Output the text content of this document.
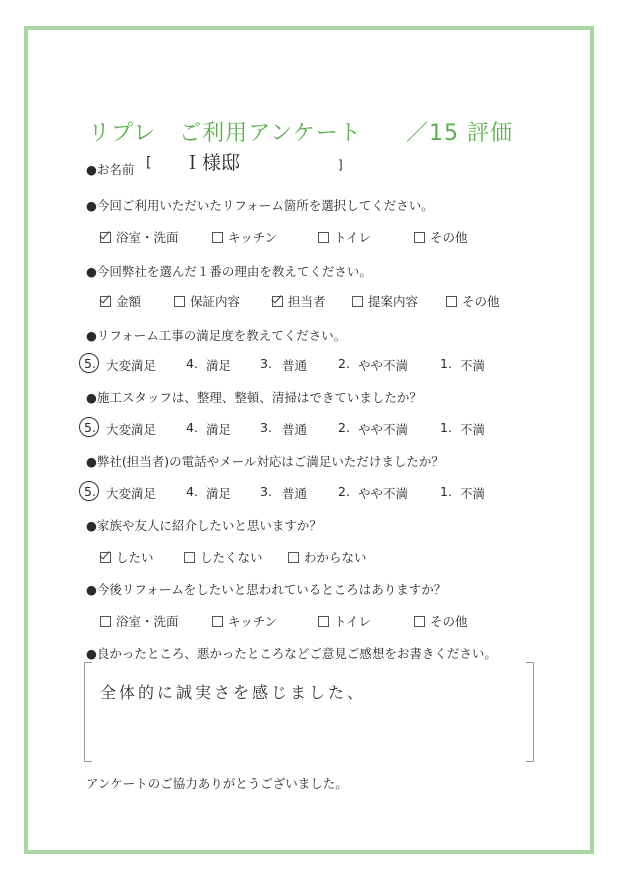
リプレ　ご利用アンケート ／15 評価
●お名前 [ Ｉ様邸	]
●今回ご利用いただいたリフォーム箇所を選択してください。
浴室・洗面	キッチン	トイレ	その他
●今回弊社を選んだ１番の理由を教えてください。
金額	保証内容	担当者	提案内容	その他
●リフォーム工事の満足度を教えてください。
5. 大変満足 4. 満足 3. 普通 2. やや不満	1. 不満
●施工スタッフは、整理、整頓、清掃はできていましたか？
5. 大変満足 4. 満足 3. 普通 2. やや不満	1. 不満
●弊社(担当者)の電話やメール対応はご満足いただけましたか？
5. 大変満足 4. 満足 3. 普通 2. やや不満	1. 不満
●家族や友人に紹介したいと思いますか？
したい	したくない	わからない
●今後リフォームをしたいと思われているところはありますか？
浴室・洗面	キッチン	トイレ	その他
●良かったところ、悪かったところなどご意見ご感想をお書きください。
全体的に誠実さを感じました、
アンケートのご協力ありがとうございました。
